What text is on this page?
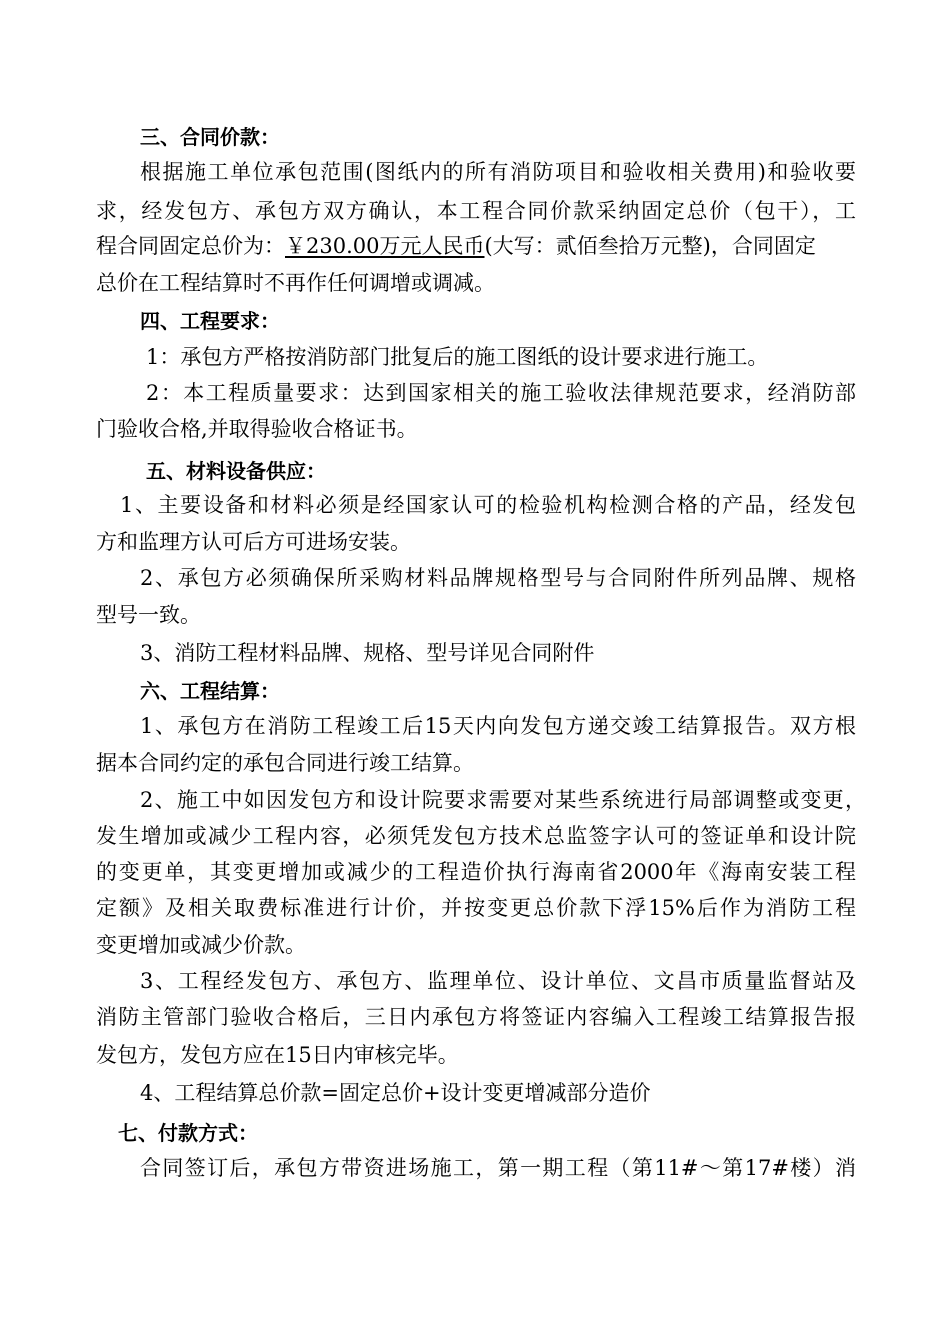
三、合同价款：
根据施工单位承包范围(图纸内的所有消防项目和验收相关费用)和验收要
求，经发包方、承包方双方确认，本工程合同价款采纳固定总价（包干），工
程合同固定总价为：￥230.00万元人民币(大写：贰佰叁拾万元整)，合同固定
总价在工程结算时不再作任何调增或调减。
四、工程要求：
1：承包方严格按消防部门批复后的施工图纸的设计要求进行施工。
2：本工程质量要求：达到国家相关的施工验收法律规范要求，经消防部
门验收合格,并取得验收合格证书。
五、材料设备供应：
1、主要设备和材料必须是经国家认可的检验机构检测合格的产品，经发包
方和监理方认可后方可进场安装。
2、承包方必须确保所采购材料品牌规格型号与合同附件所列品牌、规格
型号一致。
3、消防工程材料品牌、规格、型号详见合同附件
六、工程结算：
1、承包方在消防工程竣工后15天内向发包方递交竣工结算报告。双方根
据本合同约定的承包合同进行竣工结算。
2、施工中如因发包方和设计院要求需要对某些系统进行局部调整或变更，
发生增加或减少工程内容，必须凭发包方技术总监签字认可的签证单和设计院
的变更单，其变更增加或减少的工程造价执行海南省2000年《海南安装工程
定额》及相关取费标准进行计价，并按变更总价款下浮15%后作为消防工程
变更增加或减少价款。
3、工程经发包方、承包方、监理单位、设计单位、文昌市质量监督站及
消防主管部门验收合格后，三日内承包方将签证内容编入工程竣工结算报告报
发包方，发包方应在15日内审核完毕。
4、工程结算总价款=固定总价+设计变更增减部分造价
七、付款方式：
合同签订后，承包方带资进场施工，第一期工程（第11#～第17#楼）消
